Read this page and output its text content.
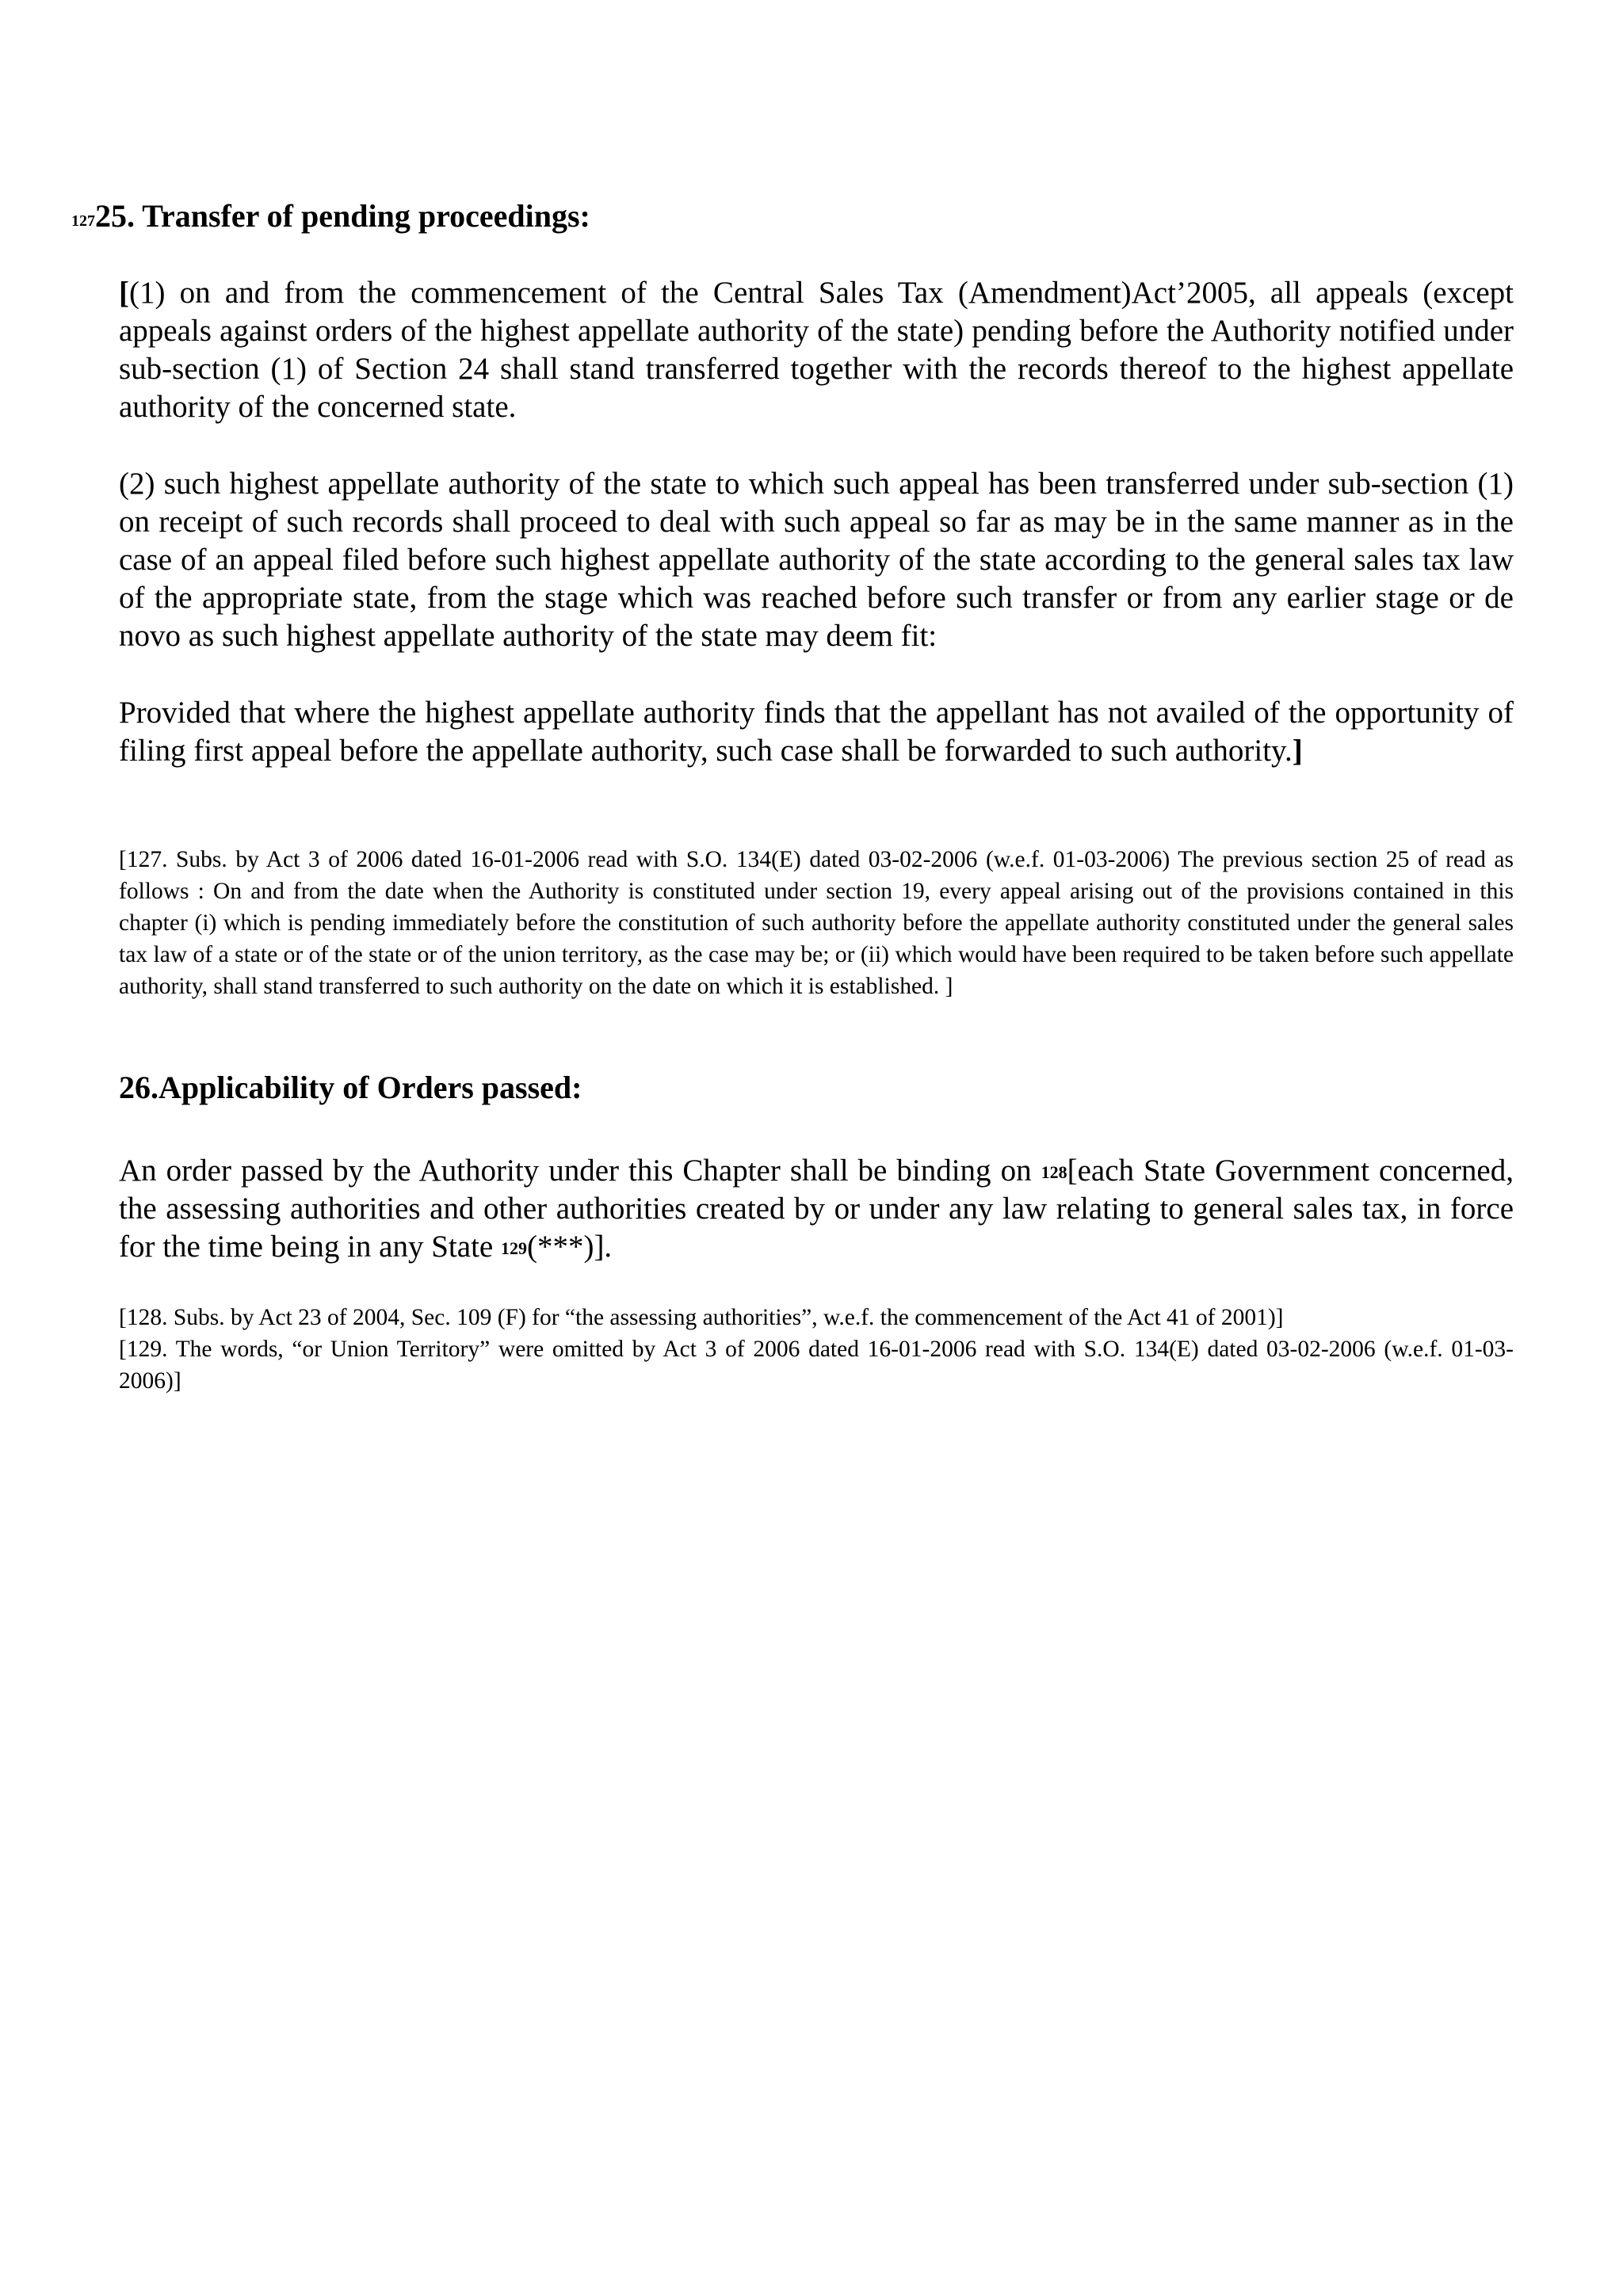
$^{127}$25. Transfer of pending proceedings:

[(1) on and from the commencement of the Central Sales Tax (Amendment)Act’2005, all appeals (except appeals against orders of the highest appellate authority of the state) pending before the Authority notified under sub-section (1) of Section 24 shall stand transferred together with the records thereof to the highest appellate authority of the concerned state.

(2) such highest appellate authority of the state to which such appeal has been transferred under sub-section (1) on receipt of such records shall proceed to deal with such appeal so far as may be in the same manner as in the case of an appeal filed before such highest appellate authority of the state according to the general sales tax law of the appropriate state, from the stage which was reached before such transfer or from any earlier stage or de novo as such highest appellate authority of the state may deem fit:

Provided that where the highest appellate authority finds that the appellant has not availed of the opportunity of filing first appeal before the appellate authority, such case shall be forwarded to such authority.]

[127. Subs. by Act 3 of 2006 dated 16-01-2006 read with S.O. 134(E) dated 03-02-2006 (w.e.f. 01-03-2006) The previous section 25 of read as follows : On and from the date when the Authority is constituted under section 19, every appeal arising out of the provisions contained in this chapter (i) which is pending immediately before the constitution of such authority before the appellate authority constituted under the general sales tax law of a state or of the state or of the union territory, as the case may be; or (ii) which would have been required to be taken before such appellate authority, shall stand transferred to such authority on the date on which it is established. ]

26.Applicability of Orders passed:

An order passed by the Authority under this Chapter shall be binding on $^{128}$[each State Government concerned, the assessing authorities and other authorities created by or under any law relating to general sales tax, in force for the time being in any State $^{129}$(***)].

[128. Subs. by Act 23 of 2004, Sec. 109 (F) for “the assessing authorities”, w.e.f. the commencement of the Act 41 of 2001)]

[129. The words, “or Union Territory” were omitted by Act 3 of 2006 dated 16-01-2006 read with S.O. 134(E) dated 03-02-2006 (w.e.f. 01-03-2006)]
